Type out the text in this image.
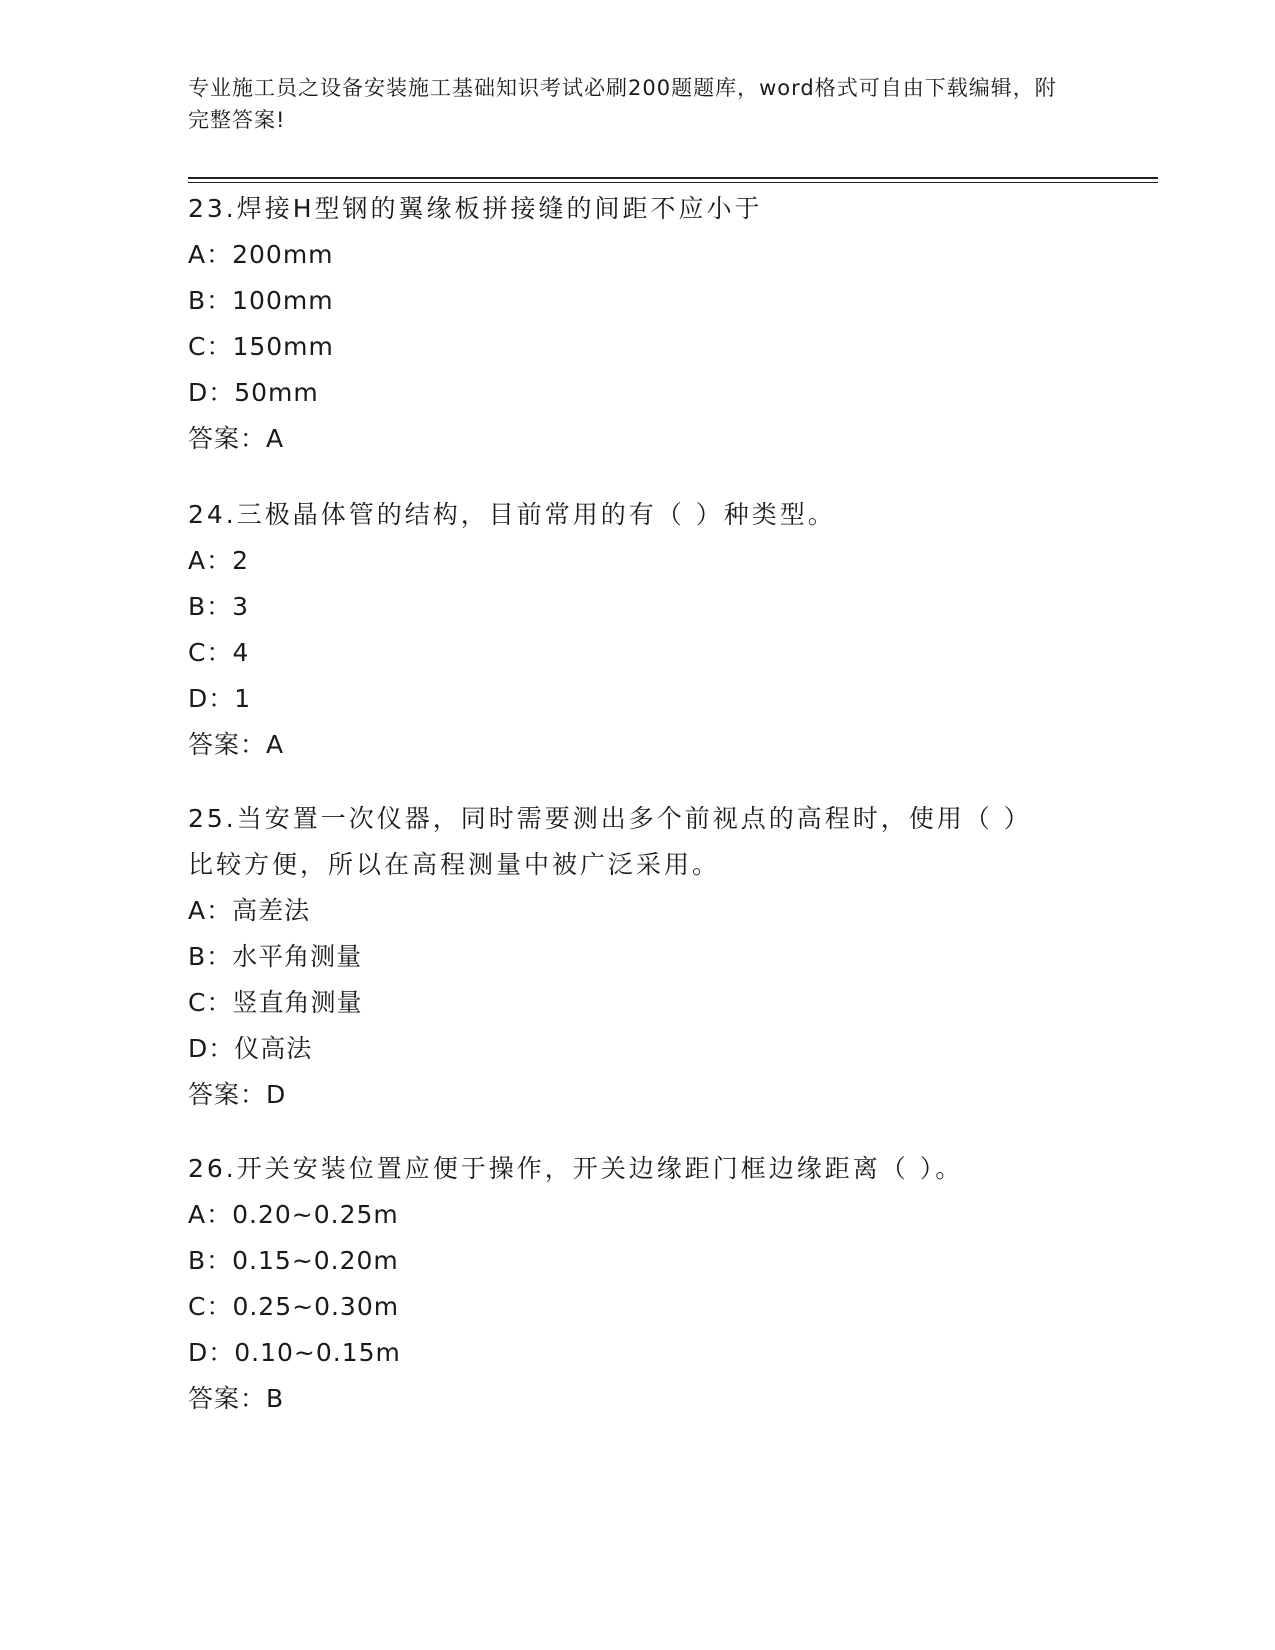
专业施工员之设备安装施工基础知识考试必刷200题题库，word格式可自由下载编辑，附完整答案!

23.焊接H型钢的翼缘板拼接缝的间距不应小于

A：200mm

B：100mm

C：150mm

D：50mm

答案：A

24.三极晶体管的结构，目前常用的有（ ）种类型。

A：2

B：3

C：4

D：1

答案：A

25.当安置一次仪器，同时需要测出多个前视点的高程时，使用（ ）比较方便，所以在高程测量中被广泛采用。

A：高差法

B：水平角测量

C：竖直角测量

D：仪高法

答案：D

26.开关安装位置应便于操作，开关边缘距门框边缘距离（ ）。

A：0.20~0.25m

B：0.15~0.20m

C：0.25~0.30m

D：0.10~0.15m

答案：B
